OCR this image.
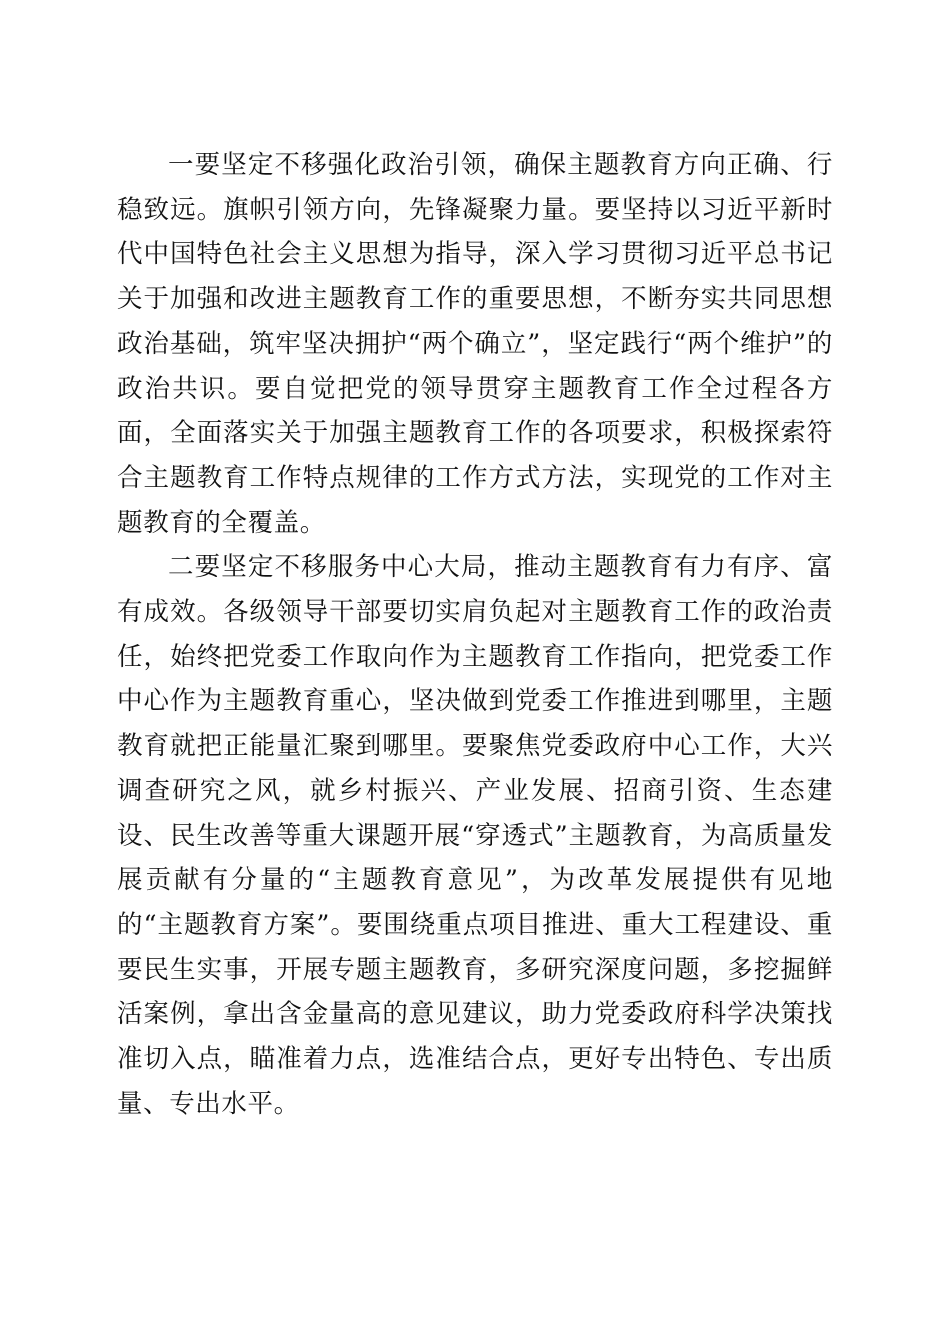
一要坚定不移强化政治引领，确保主题教育方向正确、行稳致远。旗帜引领方向，先锋凝聚力量。要坚持以习近平新时代中国特色社会主义思想为指导，深入学习贯彻习近平总书记关于加强和改进主题教育工作的重要思想，不断夯实共同思想政治基础，筑牢坚决拥护“两个确立”，坚定践行“两个维护”的政治共识。要自觉把党的领导贯穿主题教育工作全过程各方面，全面落实关于加强主题教育工作的各项要求，积极探索符合主题教育工作特点规律的工作方式方法，实现党的工作对主题教育的全覆盖。

二要坚定不移服务中心大局，推动主题教育有力有序、富有成效。各级领导干部要切实肩负起对主题教育工作的政治责任，始终把党委工作取向作为主题教育工作指向，把党委工作中心作为主题教育重心，坚决做到党委工作推进到哪里，主题教育就把正能量汇聚到哪里。要聚焦党委政府中心工作，大兴调查研究之风，就乡村振兴、产业发展、招商引资、生态建设、民生改善等重大课题开展“穿透式”主题教育，为高质量发展贡献有分量的“主题教育意见”，为改革发展提供有见地的“主题教育方案”。要围绕重点项目推进、重大工程建设、重要民生实事，开展专题主题教育，多研究深度问题，多挖掘鲜活案例，拿出含金量高的意见建议，助力党委政府科学决策找准切入点，瞄准着力点，选准结合点，更好专出特色、专出质量、专出水平。
